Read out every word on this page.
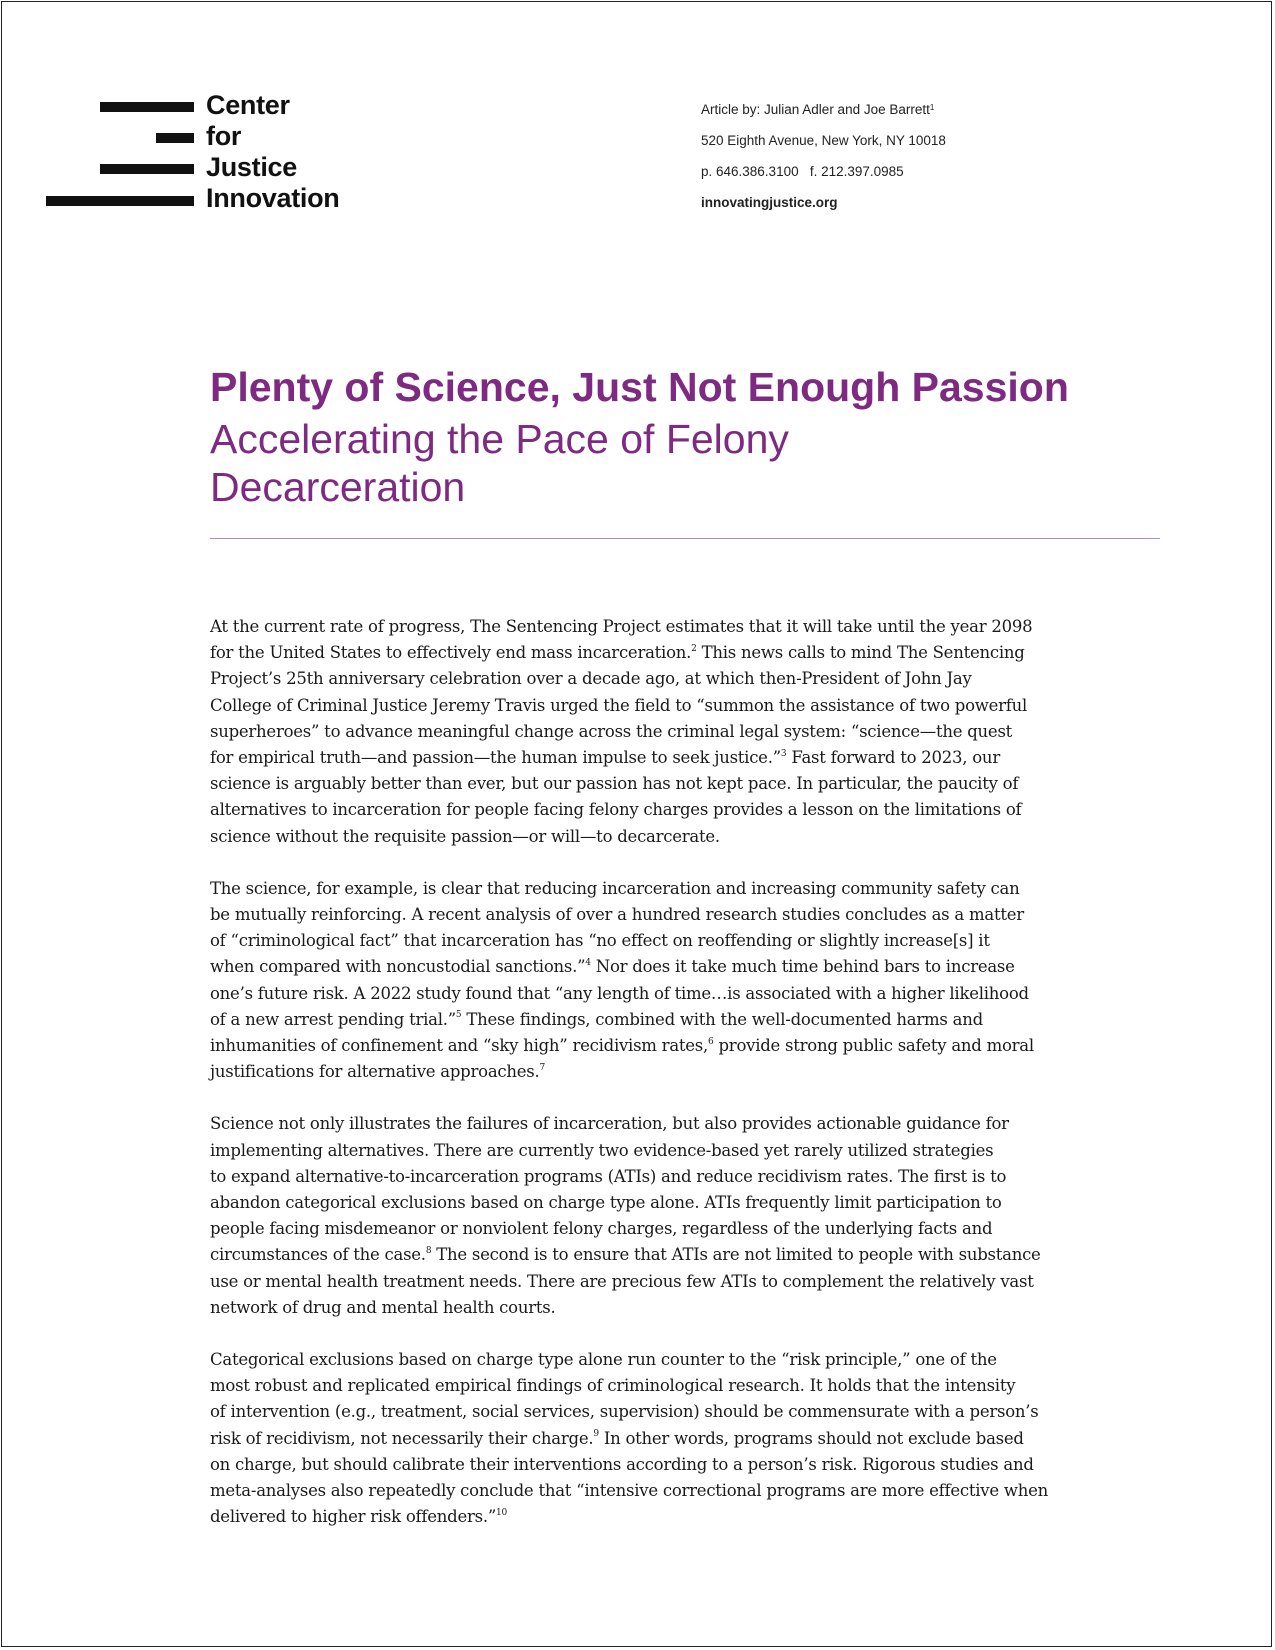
Center
for
Justice
Innovation
Article by: Julian Adler and Joe Barrett$^1$
520 Eighth Avenue, New York, NY 10018
p. 646.386.3100   f. 212.397.0985
innovatingjustice.org
Plenty of Science, Just Not Enough Passion
Accelerating the Pace of Felony
Decarceration

At the current rate of progress, The Sentencing Project estimates that it will take until the year 2098
for the United States to effectively end mass incarceration.$^2$ This news calls to mind The Sentencing
Project’s 25th anniversary celebration over a decade ago, at which then-President of John Jay
College of Criminal Justice Jeremy Travis urged the field to “summon the assistance of two powerful
superheroes” to advance meaningful change across the criminal legal system: “science—the quest
for empirical truth—and passion—the human impulse to seek justice.”$^3$ Fast forward to 2023, our
science is arguably better than ever, but our passion has not kept pace. In particular, the paucity of
alternatives to incarceration for people facing felony charges provides a lesson on the limitations of
science without the requisite passion—or will—to decarcerate.

The science, for example, is clear that reducing incarceration and increasing community safety can
be mutually reinforcing. A recent analysis of over a hundred research studies concludes as a matter
of “criminological fact” that incarceration has “no effect on reoffending or slightly increase[s] it
when compared with noncustodial sanctions.”$^4$ Nor does it take much time behind bars to increase
one’s future risk. A 2022 study found that “any length of time…is associated with a higher likelihood
of a new arrest pending trial.”$^5$ These findings, combined with the well-documented harms and
inhumanities of confinement and “sky high” recidivism rates,$^6$ provide strong public safety and moral
justifications for alternative approaches.$^7$

Science not only illustrates the failures of incarceration, but also provides actionable guidance for
implementing alternatives. There are currently two evidence-based yet rarely utilized strategies
to expand alternative-to-incarceration programs (ATIs) and reduce recidivism rates. The first is to
abandon categorical exclusions based on charge type alone. ATIs frequently limit participation to
people facing misdemeanor or nonviolent felony charges, regardless of the underlying facts and
circumstances of the case.$^8$ The second is to ensure that ATIs are not limited to people with substance
use or mental health treatment needs. There are precious few ATIs to complement the relatively vast
network of drug and mental health courts.

Categorical exclusions based on charge type alone run counter to the “risk principle,” one of the
most robust and replicated empirical findings of criminological research. It holds that the intensity
of intervention (e.g., treatment, social services, supervision) should be commensurate with a person’s
risk of recidivism, not necessarily their charge.$^9$ In other words, programs should not exclude based
on charge, but should calibrate their interventions according to a person’s risk. Rigorous studies and
meta-analyses also repeatedly conclude that “intensive correctional programs are more effective when
delivered to higher risk offenders.”$^{10}$
